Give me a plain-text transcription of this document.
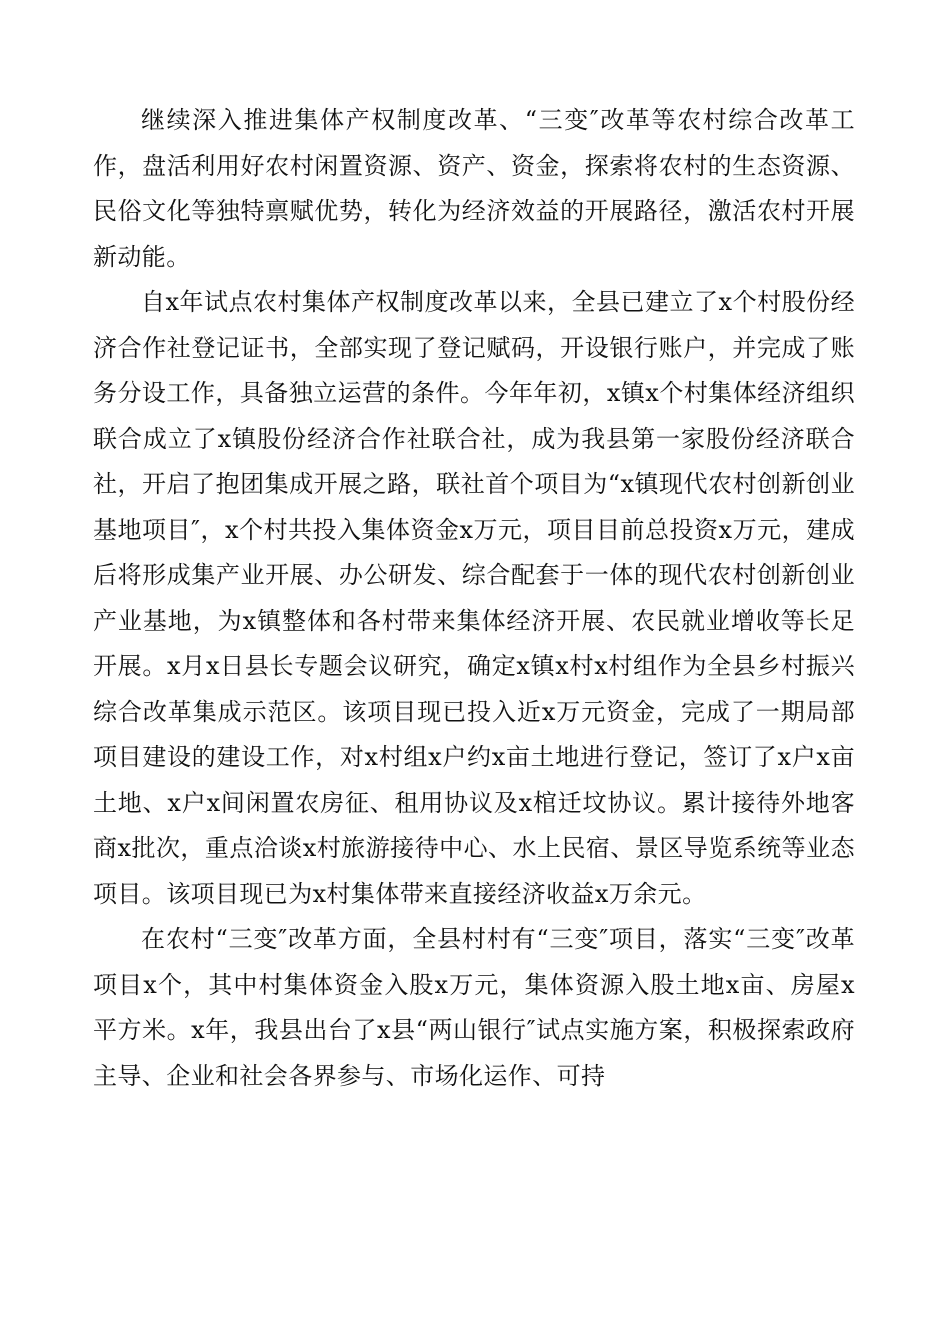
继续深入推进集体产权制度改革、“三变″改革等农村综合改革工作，盘活利用好农村闲置资源、资产、资金，探索将农村的生态资源、民俗文化等独特禀赋优势，转化为经济效益的开展路径，激活农村开展新动能。

自x年试点农村集体产权制度改革以来，全县已建立了x个村股份经济合作社登记证书，全部实现了登记赋码，开设银行账户，并完成了账务分设工作，具备独立运营的条件。今年年初，x镇x个村集体经济组织联合成立了x镇股份经济合作社联合社，成为我县第一家股份经济联合社，开启了抱团集成开展之路，联社首个项目为“x镇现代农村创新创业基地项目″，x个村共投入集体资金x万元，项目目前总投资x万元，建成后将形成集产业开展、办公研发、综合配套于一体的现代农村创新创业产业基地，为x镇整体和各村带来集体经济开展、农民就业增收等长足开展。x月x日县长专题会议研究，确定x镇x村x村组作为全县乡村振兴综合改革集成示范区。该项目现已投入近x万元资金，完成了一期局部项目建设的建设工作，对x村组x户约x亩土地进行登记，签订了x户x亩土地、x户x间闲置农房征、租用协议及x棺迁坟协议。累计接待外地客商x批次，重点洽谈x村旅游接待中心、水上民宿、景区导览系统等业态项目。该项目现已为x村集体带来直接经济收益x万余元。

在农村“三变″改革方面，全县村村有“三变″项目，落实“三变″改革项目x个，其中村集体资金入股x万元，集体资源入股土地x亩、房屋x平方米。x年，我县出台了x县“两山银行″试点实施方案，积极探索政府主导、企业和社会各界参与、市场化运作、可持
